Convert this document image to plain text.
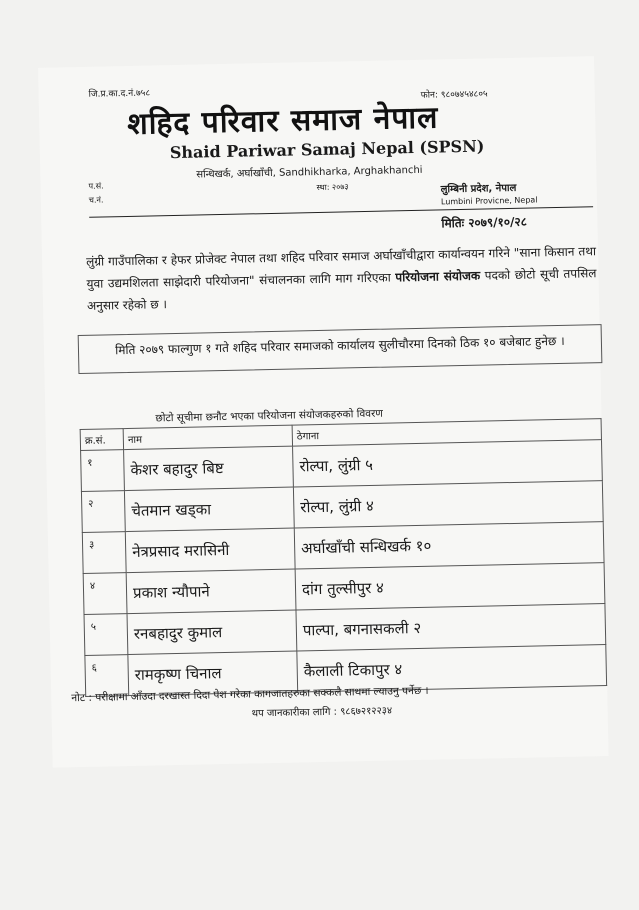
जि.प्र.का.द.नं.७५८	फोन: ९८०७४५४८०५
शहिद परिवार समाज नेपाल
Shaid Pariwar Samaj Nepal (SPSN)
सन्धिखर्क, अर्घाखाँची, Sandhikharka, Arghakhanchi
स्था: २०७३
प.सं.
च.नं.
लुम्बिनी प्रदेश, नेपाल
Lumbini Provicne, Nepal
मितिः २०७९/१०/२८
लुंग्री गाउँपालिका र हेफर प्रोजेक्ट नेपाल तथा शहिद परिवार समाज अर्घाखाँचीद्वारा कार्यान्वयन गरिने "साना किसान तथा युवा उद्यमशिलता साझेदारी परियोजना" संचालनका लागि माग गरिएका परियोजना संयोजक पदको छोटो सूची तपसिल अनुसार रहेको छ ।
मिति २०७९ फाल्गुण १ गते शहिद परिवार समाजको कार्यालय सुलीचौरमा दिनको ठिक १० बजेबाट हुनेछ ।
छोटो सूचीमा छनौट भएका परियोजना संयोजकहरुको विवरण
क्र.सं.	नाम	ठेगाना
१	केशर बहादुर बिष्ट	रोल्पा, लुंग्री ५
२	चेतमान खड्का	रोल्पा, लुंग्री ४
३	नेत्रप्रसाद मरासिनी	अर्घाखाँची सन्धिखर्क १०
४	प्रकाश न्यौपाने	दांग तुल्सीपुर ४
५	रनबहादुर कुमाल	पाल्पा, बगनासकली २
६	रामकृष्ण चिनाल	कैलाली टिकापुर ४
नोट : परीक्षामा आँउदा दरखास्त दिदा पेश गरेका कागजातहरुका सक्कलै साथमा ल्याउनु पर्नेछ ।
थप जानकारीका लागि : ९८६७२१२२३४
